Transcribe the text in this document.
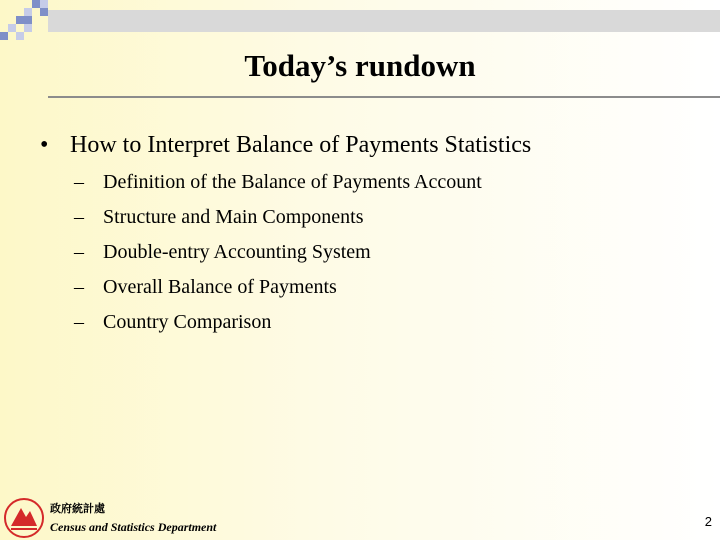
Today’s rundown
• How to Interpret Balance of Payments Statistics
– Definition of the Balance of Payments Account
– Structure and Main Components
– Double-entry Accounting System
– Overall Balance of Payments
– Country Comparison
政府統計處
Census and Statistics Department	2
